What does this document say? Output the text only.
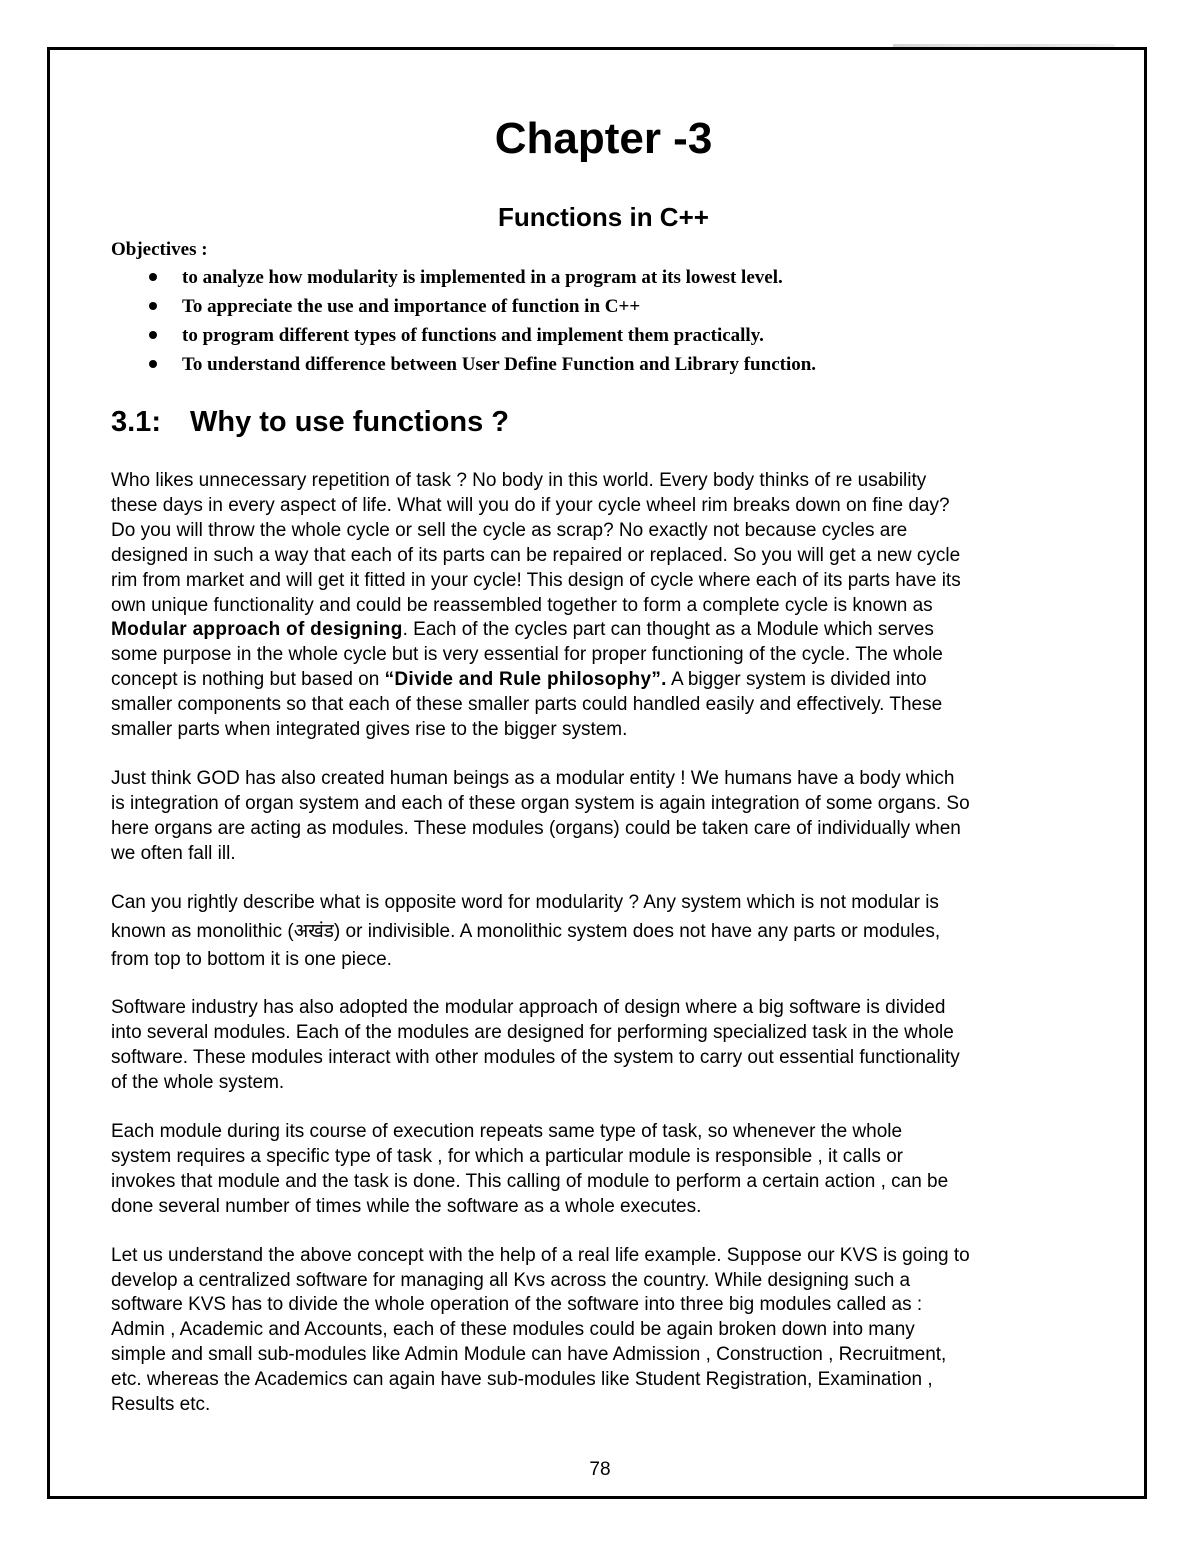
Chapter -3
Functions in C++
Objectives :
to analyze how modularity is implemented in a program at its lowest level.
To appreciate the use and importance of function in C++
to program different types of functions and implement them practically.
To understand difference between User Define Function and Library function.
3.1: Why to use functions ?

Who likes unnecessary repetition of task ? No body in this world. Every body thinks of re usability
these days in every aspect of life. What will you do if your cycle wheel rim breaks down on fine day?
Do you will throw the whole cycle or sell the cycle as scrap? No exactly not because cycles are
designed in such a way that each of its parts can be repaired or replaced. So you will get a new cycle
rim from market and will get it fitted in your cycle! This design of cycle where each of its parts have its
own unique functionality and could be reassembled together to form a complete cycle is known as
Modular approach of designing. Each of the cycles part can thought as a Module which serves
some purpose in the whole cycle but is very essential for proper functioning of the cycle. The whole
concept is nothing but based on “Divide and Rule philosophy”. A bigger system is divided into
smaller components so that each of these smaller parts could handled easily and effectively. These
smaller parts when integrated gives rise to the bigger system.

Just think GOD has also created human beings as a modular entity ! We humans have a body which
is integration of organ system and each of these organ system is again integration of some organs. So
here organs are acting as modules. These modules (organs) could be taken care of individually when
we often fall ill.

Can you rightly describe what is opposite word for modularity ? Any system which is not modular is
known as monolithic (अखंड) or indivisible. A monolithic system does not have any parts or modules,
from top to bottom it is one piece.

Software industry has also adopted the modular approach of design where a big software is divided
into several modules. Each of the modules are designed for performing specialized task in the whole
software. These modules interact with other modules of the system to carry out essential functionality
of the whole system.

Each module during its course of execution repeats same type of task, so whenever the whole
system requires a specific type of task , for which a particular module is responsible , it calls or
invokes that module and the task is done. This calling of module to perform a certain action , can be
done several number of times while the software as a whole executes.

Let us understand the above concept with the help of a real life example. Suppose our KVS is going to
develop a centralized software for managing all Kvs across the country. While designing such a
software KVS has to divide the whole operation of the software into three big modules called as :
Admin , Academic and Accounts, each of these modules could be again broken down into many
simple and small sub-modules like Admin Module can have Admission , Construction , Recruitment,
etc. whereas the Academics can again have sub-modules like Student Registration, Examination ,
Results etc.

78
